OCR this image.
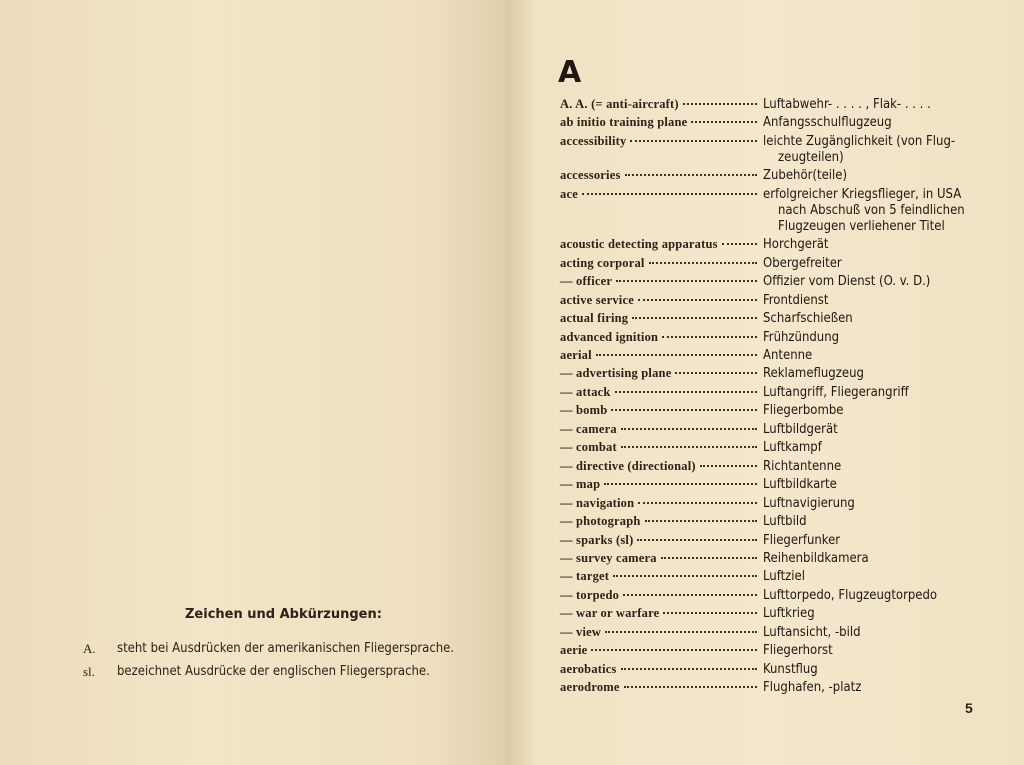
Zeichen und Abkürzungen:
A.	steht bei Ausdrücken der amerikanischen Fliegersprache.
sl.	bezeichnet Ausdrücke der englischen Fliegersprache.
A
A. A. (= anti-aircraft)	Luftabwehr- . . . . , Flak- . . . .
ab initio training plane	Anfangsschulflugzeug
accessibility	leichte Zugänglichkeit (von Flug-
zeugteilen)
accessories	Zubehör(teile)
ace	erfolgreicher Kriegsflieger, in USA
nach Abschuß von 5 feindlichen
Flugzeugen verliehener Titel
acoustic detecting apparatus	Horchgerät
acting corporal	Obergefreiter
— officer	Offizier vom Dienst (O. v. D.)
active service	Frontdienst
actual firing	Scharfschießen
advanced ignition	Frühzündung
aerial	Antenne
— advertising plane	Reklameflugzeug
— attack	Luftangriff, Fliegerangriff
— bomb	Fliegerbombe
— camera	Luftbildgerät
— combat	Luftkampf
— directive (directional)	Richtantenne
— map	Luftbildkarte
— navigation	Luftnavigierung
— photograph	Luftbild
— sparks (sl)	Fliegerfunker
— survey camera	Reihenbildkamera
— target	Luftziel
— torpedo	Lufttorpedo, Flugzeugtorpedo
— war or warfare	Luftkrieg
— view	Luftansicht, -bild
aerie	Fliegerhorst
aerobatics	Kunstflug
aerodrome	Flughafen, -platz
5
